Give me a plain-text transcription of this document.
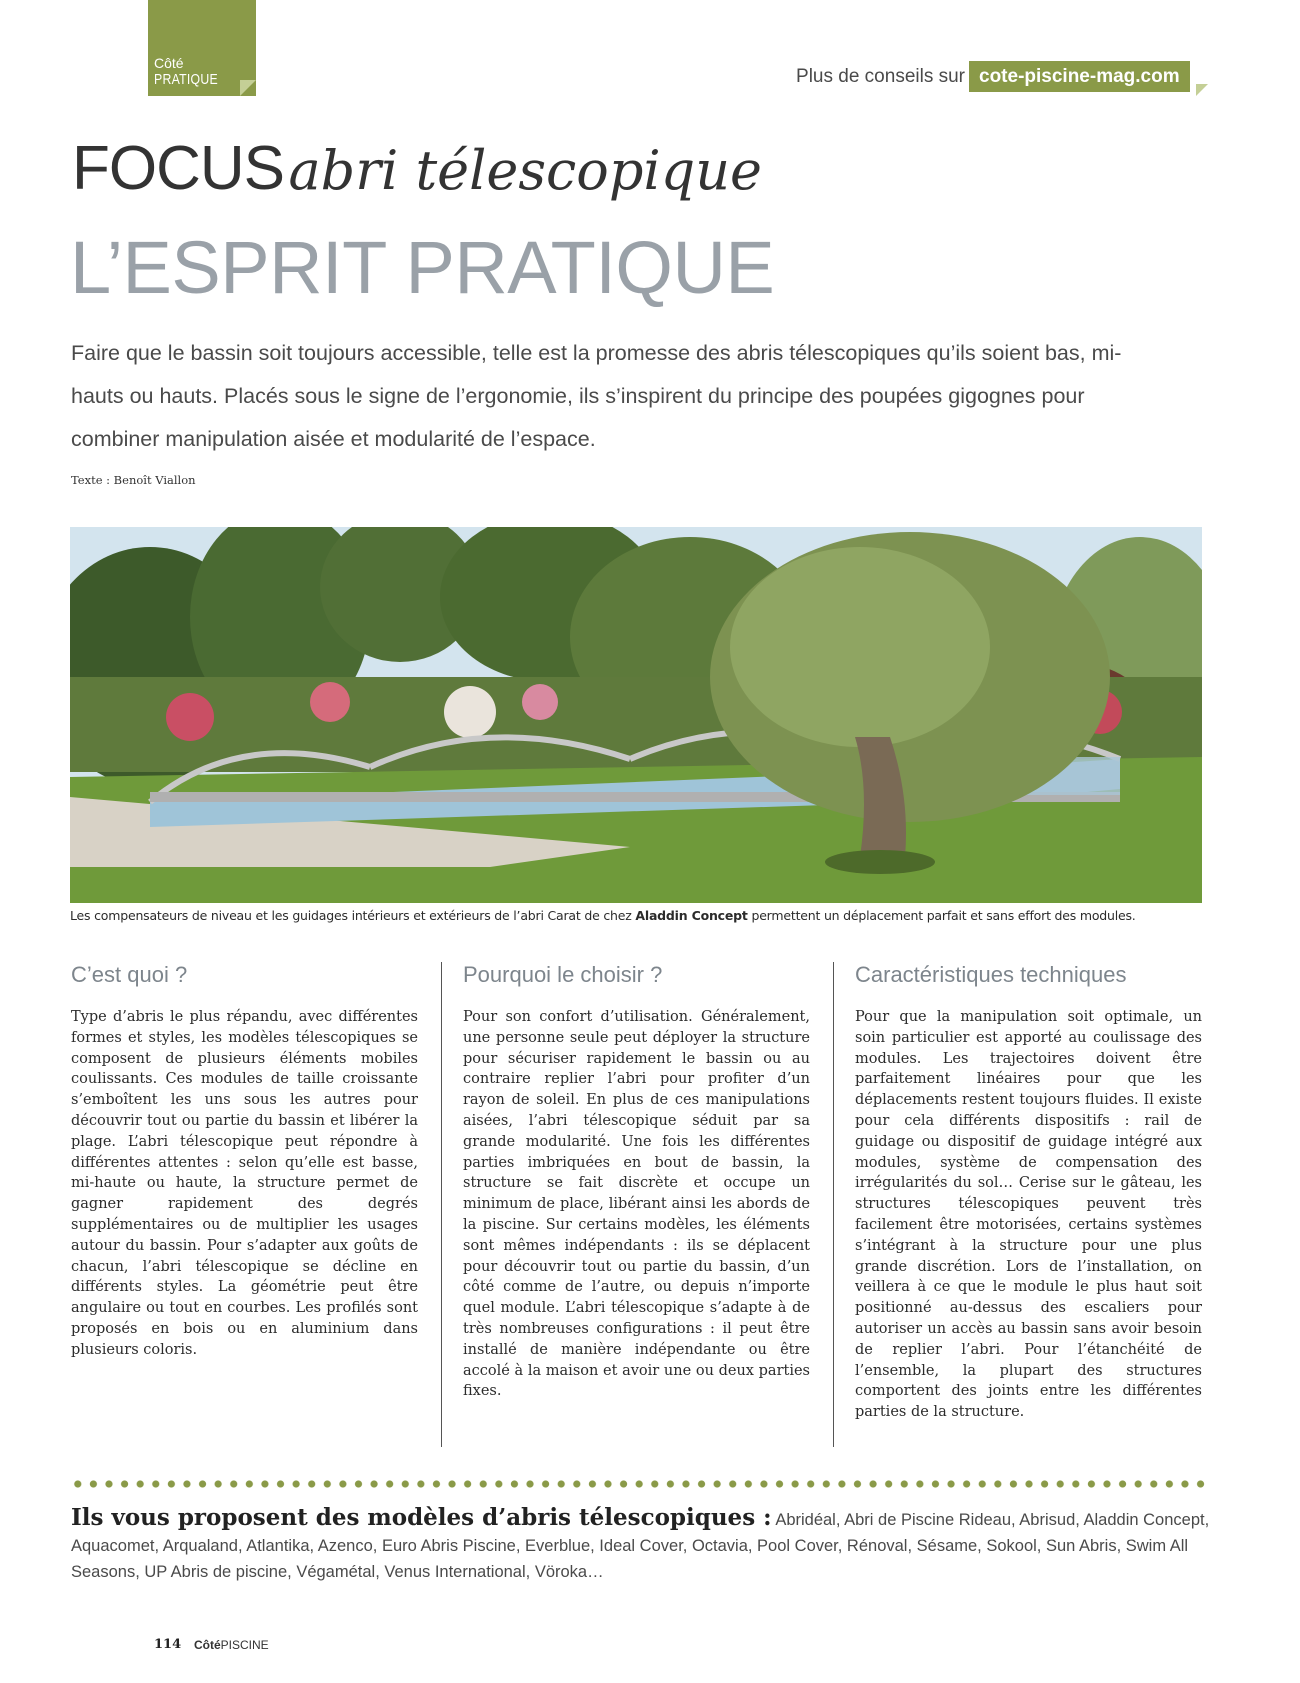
Côté
PRATIQUE	Plus de conseils sur cote-piscine-mag.com
FOCUS abri télescopique
L’ESPRIT PRATIQUE
Faire que le bassin soit toujours accessible, telle est la promesse des abris télescopiques qu’ils soient bas, mi-hauts ou hauts. Placés sous le signe de l’ergonomie, ils s’inspirent du principe des poupées gigognes pour combiner manipulation aisée et modularité de l’espace.
Texte : Benoît Viallon
Les compensateurs de niveau et les guidages intérieurs et extérieurs de l’abri Carat de chez Aladdin Concept permettent un déplacement parfait et sans effort des modules.
C’est quoi ?
Type d’abris le plus répandu, avec différentes formes et styles, les modèles télescopiques se composent de plusieurs éléments mobiles coulissants. Ces modules de taille croissante s’emboîtent les uns sous les autres pour découvrir tout ou partie du bassin et libérer la plage. L’abri télescopique peut répondre à différentes attentes : selon qu’elle est basse, mi-haute ou haute, la structure permet de gagner rapidement des degrés supplémentaires ou de multiplier les usages autour du bassin. Pour s’adapter aux goûts de chacun, l’abri télescopique se décline en différents styles. La géométrie peut être angulaire ou tout en courbes. Les profilés sont proposés en bois ou en aluminium dans plusieurs coloris.
Pourquoi le choisir ?
Pour son confort d’utilisation. Généralement, une personne seule peut déployer la structure pour sécuriser rapidement le bassin ou au contraire replier l’abri pour profiter d’un rayon de soleil. En plus de ces manipulations aisées, l’abri télescopique séduit par sa grande modularité. Une fois les différentes parties imbriquées en bout de bassin, la structure se fait discrète et occupe un minimum de place, libérant ainsi les abords de la piscine. Sur certains modèles, les éléments sont mêmes indépendants : ils se déplacent pour découvrir tout ou partie du bassin, d’un côté comme de l’autre, ou depuis n’importe quel module. L’abri télescopique s’adapte à de très nombreuses configurations : il peut être installé de manière indépendante ou être accolé à la maison et avoir une ou deux parties fixes.
Caractéristiques techniques
Pour que la manipulation soit optimale, un soin particulier est apporté au coulissage des modules. Les trajectoires doivent être parfaitement linéaires pour que les déplacements restent toujours fluides. Il existe pour cela différents dispositifs : rail de guidage ou dispositif de guidage intégré aux modules, système de compensation des irrégularités du sol… Cerise sur le gâteau, les structures télescopiques peuvent très facilement être motorisées, certains systèmes s’intégrant à la structure pour une plus grande discrétion. Lors de l’installation, on veillera à ce que le module le plus haut soit positionné au-dessus des escaliers pour autoriser un accès au bassin sans avoir besoin de replier l’abri. Pour l’étanchéité de l’ensemble, la plupart des structures comportent des joints entre les différentes parties de la structure.
Ils vous proposent des modèles d’abris télescopiques : Abridéal, Abri de Piscine Rideau, Abrisud, Aladdin Concept, Aquacomet, Arqualand, Atlantika, Azenco, Euro Abris Piscine, Everblue, Ideal Cover, Octavia, Pool Cover, Rénoval, Sésame, Sokool, Sun Abris, Swim All Seasons, UP Abris de piscine, Végamétal, Venus International, Vöroka…
114 CôtéPISCINE
